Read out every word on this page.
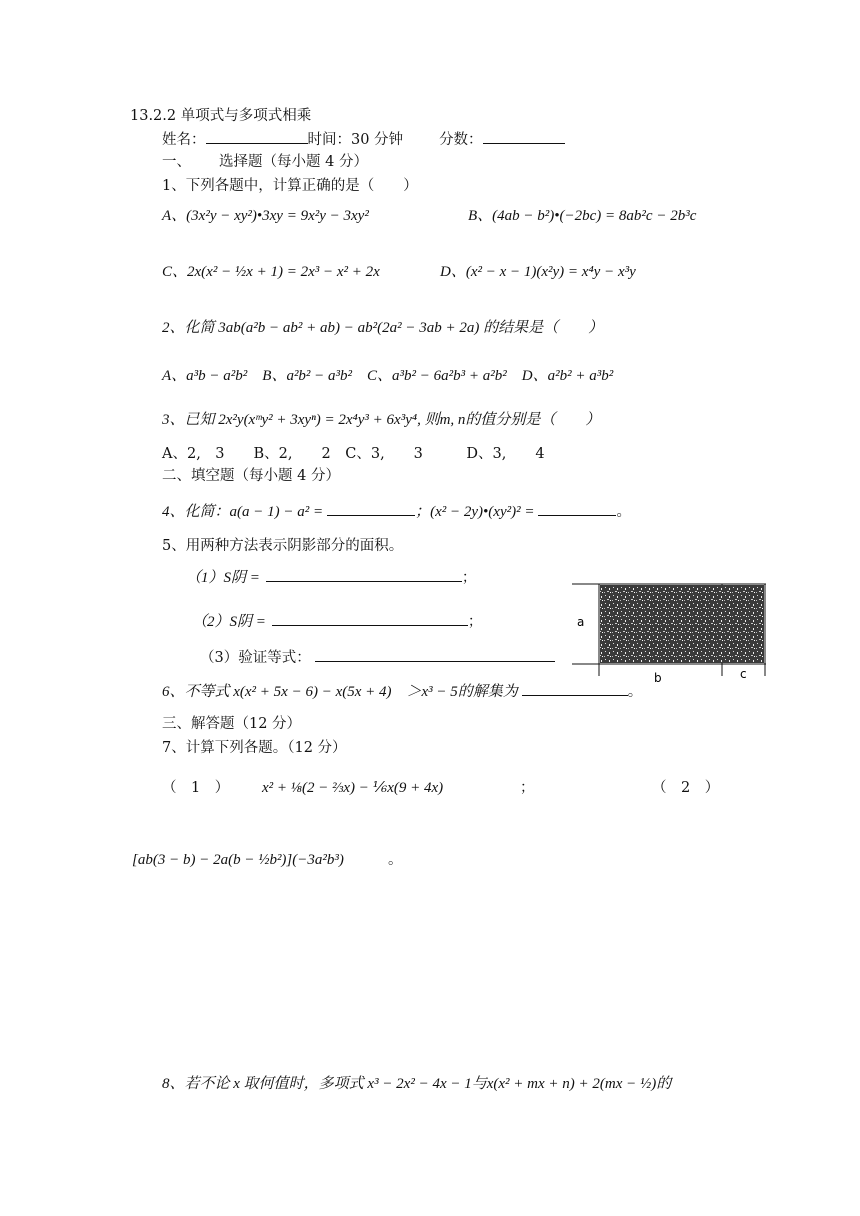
13.2.2 单项式与多项式相乘
姓名：	时间：30 分钟 分数：
一、 选择题（每小题 4 分）
1、下列各题中，计算正确的是（　　）
A、(3x²y − xy²)•3xy = 9x²y − 3xy²	B、(4ab − b²)•(−2bc) = 8ab²c − 2b³c
C、2x(x² − ½x + 1) = 2x³ − x² + 2x	D、(x² − x − 1)(x²y) = x⁴y − x³y
2、化简 3ab(a²b − ab² + ab) − ab²(2a² − 3ab + 2a) 的结果是（　　）
A、a³b − a²b²　B、a²b² − a³b²　C、a³b² − 6a²b³ + a²b²　D、a²b² + a³b²
3、已知 2x²y(xᵐy² + 3xyⁿ) = 2x⁴y³ + 6x³y⁴, 则m, n的值分别是（　　）
A、2,　3　　B、2,　　2　C、3,　　3　　　D、3,　　4
二、填空题（每小题 4 分）
4、化简：a(a − 1) − a² =	；(x² − 2y)•(xy²)² =	。
5、用两种方法表示阴影部分的面积。
（1）S阴 =	；
（2）S阴 =	；
（3）验证等式：
a
b	c
6、不等式 x(x² + 5x − 6) − x(5x + 4)　＞x³ − 5的解集为	。
三、解答题（12 分）
7、计算下列各题。（12 分）
（　1　） x² + ⅛(2 − ⅔x) − ⅙x(9 + 4x)	；	（　2　）
[ab(3 − b) − 2a(b − ½b²)](−3a²b³)	。
8、若不论 x 取何值时，多项式 x³ − 2x² − 4x − 1与x(x² + mx + n) + 2(mx − ½)的
